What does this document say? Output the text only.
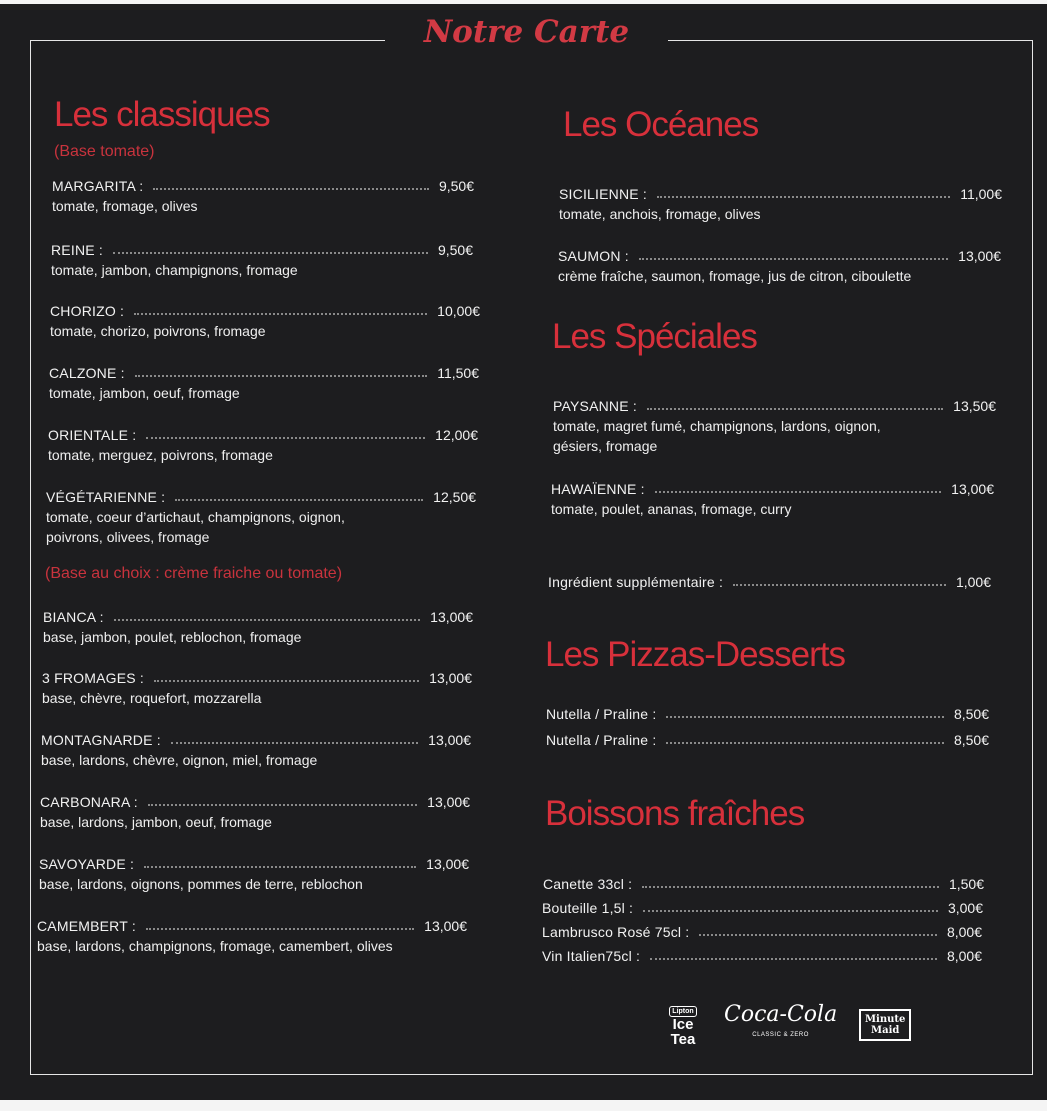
Notre Carte
Les classiques
(Base tomate)
MARGARITA :	9,50€
tomate, fromage, olives
REINE :	9,50€
tomate, jambon, champignons, fromage
CHORIZO :	10,00€
tomate, chorizo, poivrons, fromage
CALZONE :	11,50€
tomate, jambon, oeuf, fromage
ORIENTALE :	12,00€
tomate, merguez, poivrons, fromage
VÉGÉTARIENNE :	12,50€
tomate, coeur d’artichaut, champignons, oignon,
poivrons, olivees, fromage
(Base au choix : crème fraiche ou tomate)
BIANCA :	13,00€
base, jambon, poulet, reblochon, fromage
3 FROMAGES :	13,00€
base, chèvre, roquefort, mozzarella
MONTAGNARDE :	13,00€
base, lardons, chèvre, oignon, miel, fromage
CARBONARA :	13,00€
base, lardons, jambon, oeuf, fromage
SAVOYARDE :	13,00€
base, lardons, oignons, pommes de terre, reblochon
CAMEMBERT :	13,00€
base, lardons, champignons, fromage, camembert, olives
Les Océanes
SICILIENNE :	11,00€
tomate, anchois, fromage, olives
SAUMON :	13,00€
crème fraîche, saumon, fromage, jus de citron, ciboulette
Les Spéciales
PAYSANNE :	13,50€
tomate, magret fumé, champignons, lardons, oignon,
gésiers, fromage
HAWAÏENNE :	13,00€
tomate, poulet, ananas, fromage, curry
Ingrédient supplémentaire :	1,00€
Les Pizzas-Desserts
Nutella / Praline :	8,50€
Nutella / Praline :	8,50€
Boissons fraîches
Canette 33cl :	1,50€
Bouteille 1,5l :	3,00€
Lambrusco Rosé 75cl :	8,00€
Vin Italien75cl :	8,00€
Lipton
Ice Tea
Coca-Cola
CLASSIC & ZERO
Minute Maid
